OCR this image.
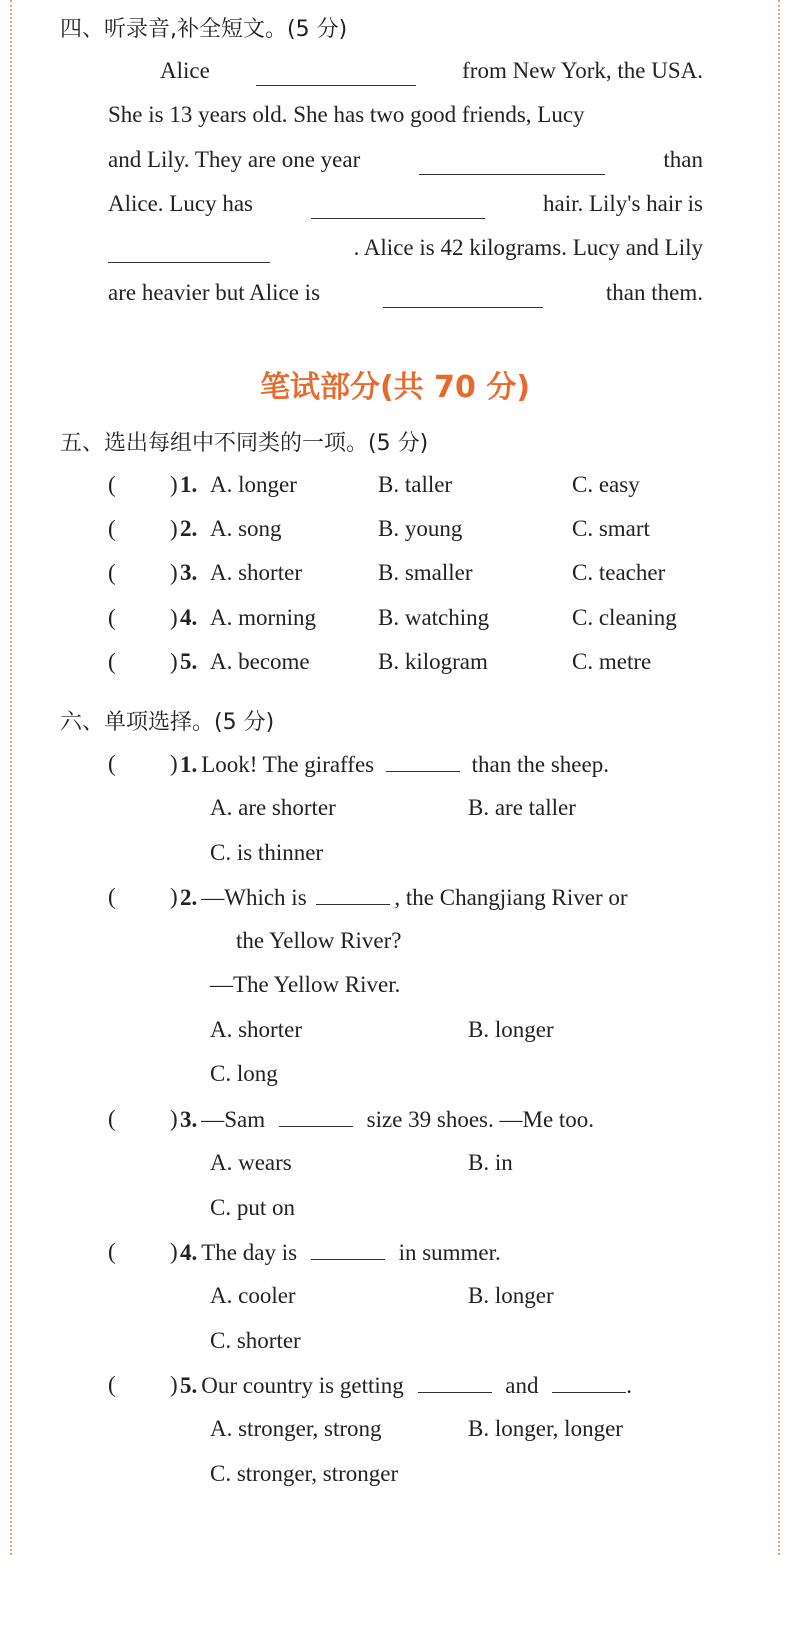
四、听录音,补全短文。(5 分)
Alice	from New York, the USA.
She is 13 years old. She has two good friends, Lucy
and Lily. They are one year	than
Alice. Lucy has	hair. Lily's hair is
. Alice is 42 kilograms. Lucy and Lily
are heavier but Alice is	than them.
笔试部分(共 70 分)
五、选出每组中不同类的一项。(5 分)
( ) 1. A. longer	B. taller	C. easy
( ) 2. A. song	B. young	C. smart
( ) 3. A. shorter	B. smaller	C. teacher
( ) 4. A. morning	B. watching	C. cleaning
( ) 5. A. become	B. kilogram	C. metre
六、单项选择。(5 分)
( ) 1. Look! The giraffes	than the sheep.
A. are shorter	B. are taller
C. is thinner
( ) 2. —Which is	, the Changjiang River or
the Yellow River?
—The Yellow River.
A. shorter	B. longer
C. long
( ) 3. —Sam	size 39 shoes. —Me too.
A. wears	B. in
C. put on
( ) 4. The day is	in summer.
A. cooler	B. longer
C. shorter
( ) 5. Our country is getting	and	.
A. stronger, strong	B. longer, longer
C. stronger, stronger
